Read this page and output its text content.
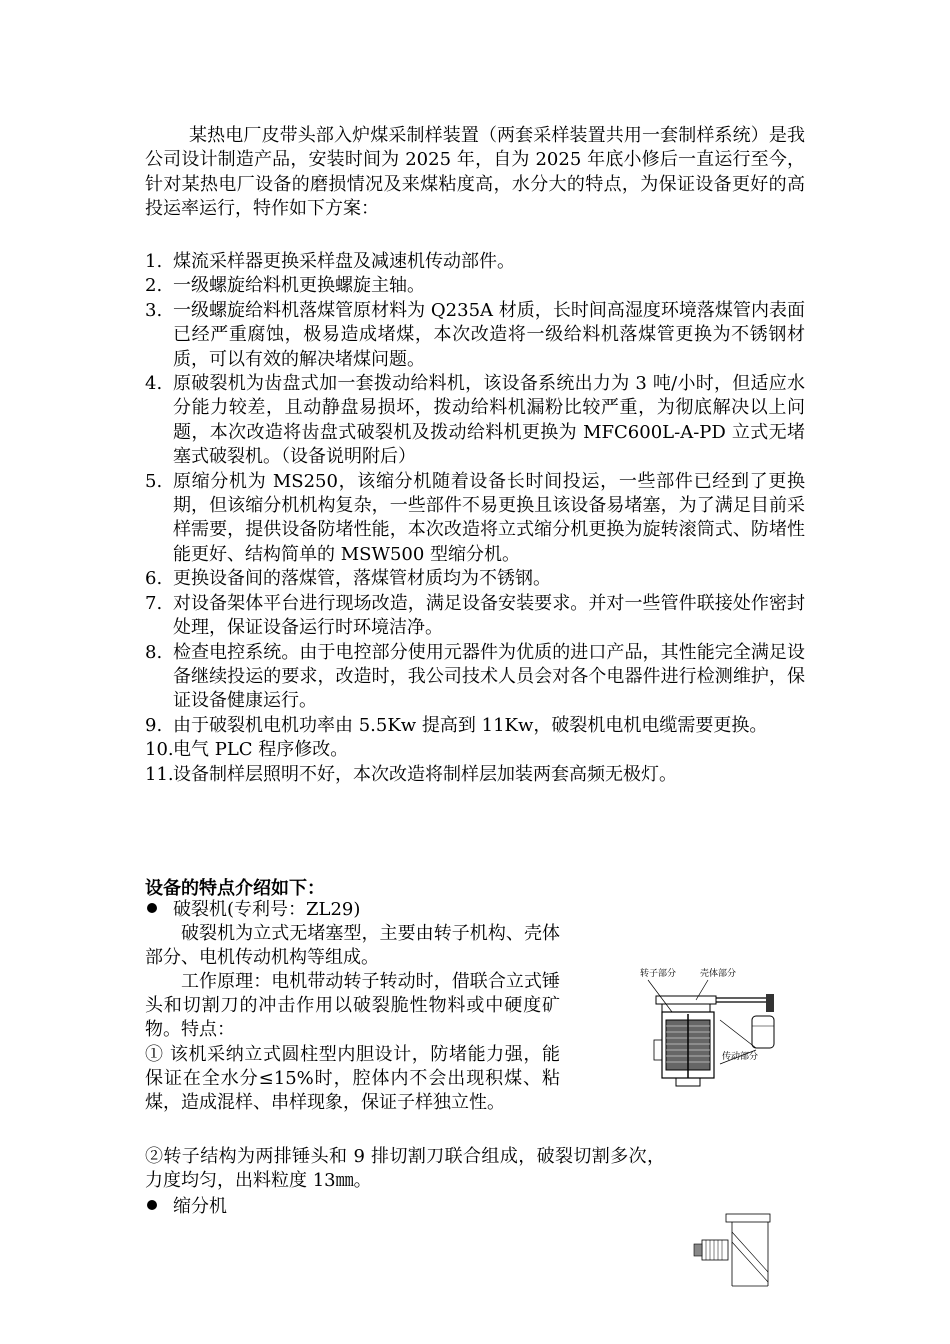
某热电厂皮带头部入炉煤采制样装置（两套采样装置共用一套制样系统）是我公司设计制造产品，安装时间为 2025 年，自为 2025 年底小修后一直运行至今，针对某热电厂设备的磨损情况及来煤粘度高，水分大的特点，为保证设备更好的高投运率运行，特作如下方案：

1. 煤流采样器更换采样盘及减速机传动部件。
2. 一级螺旋给料机更换螺旋主轴。
3. 一级螺旋给料机落煤管原材料为 Q235A 材质，长时间高湿度环境落煤管内表面已经严重腐蚀，极易造成堵煤，本次改造将一级给料机落煤管更换为不锈钢材质，可以有效的解决堵煤问题。
4. 原破裂机为齿盘式加一套拨动给料机，该设备系统出力为 3 吨/小时，但适应水分能力较差，且动静盘易损坏，拨动给料机漏粉比较严重，为彻底解决以上问题，本次改造将齿盘式破裂机及拨动给料机更换为 MFC600L-A-PD 立式无堵塞式破裂机。（设备说明附后）
5. 原缩分机为 MS250，该缩分机随着设备长时间投运，一些部件已经到了更换期，但该缩分机机构复杂，一些部件不易更换且该设备易堵塞，为了满足目前采样需要，提供设备防堵性能，本次改造将立式缩分机更换为旋转滚筒式、防堵性能更好、结构简单的 MSW500 型缩分机。
6. 更换设备间的落煤管，落煤管材质均为不锈钢。
7. 对设备架体平台进行现场改造，满足设备安装要求。并对一些管件联接处作密封处理，保证设备运行时环境洁净。
8. 检查电控系统。由于电控部分使用元器件为优质的进口产品，其性能完全满足设备继续投运的要求，改造时，我公司技术人员会对各个电器件进行检测维护，保证设备健康运行。
9. 由于破裂机电机功率由 5.5Kw 提高到 11Kw，破裂机电机电缆需要更换。
10. 电气 PLC 程序修改。
11. 设备制样层照明不好，本次改造将制样层加装两套高频无极灯。

设备的特点介绍如下：

破裂机(专利号：ZL29)

破裂机为立式无堵塞型，主要由转子机构、壳体部分、电机传动机构等组成。

工作原理：电机带动转子转动时，借联合立式锤头和切割刀的冲击作用以破裂脆性物料或中硬度矿物。特点：

① 该机采纳立式圆柱型内胆设计，防堵能力强，能保证在全水分≤15%时，腔体内不会出现积煤、粘煤，造成混样、串样现象，保证子样独立性。

②转子结构为两排锤头和 9 排切割刀联合组成，破裂切割多次，力度均匀，出料粒度 13㎜。

缩分机
转子部分	壳体部分
传动部分
